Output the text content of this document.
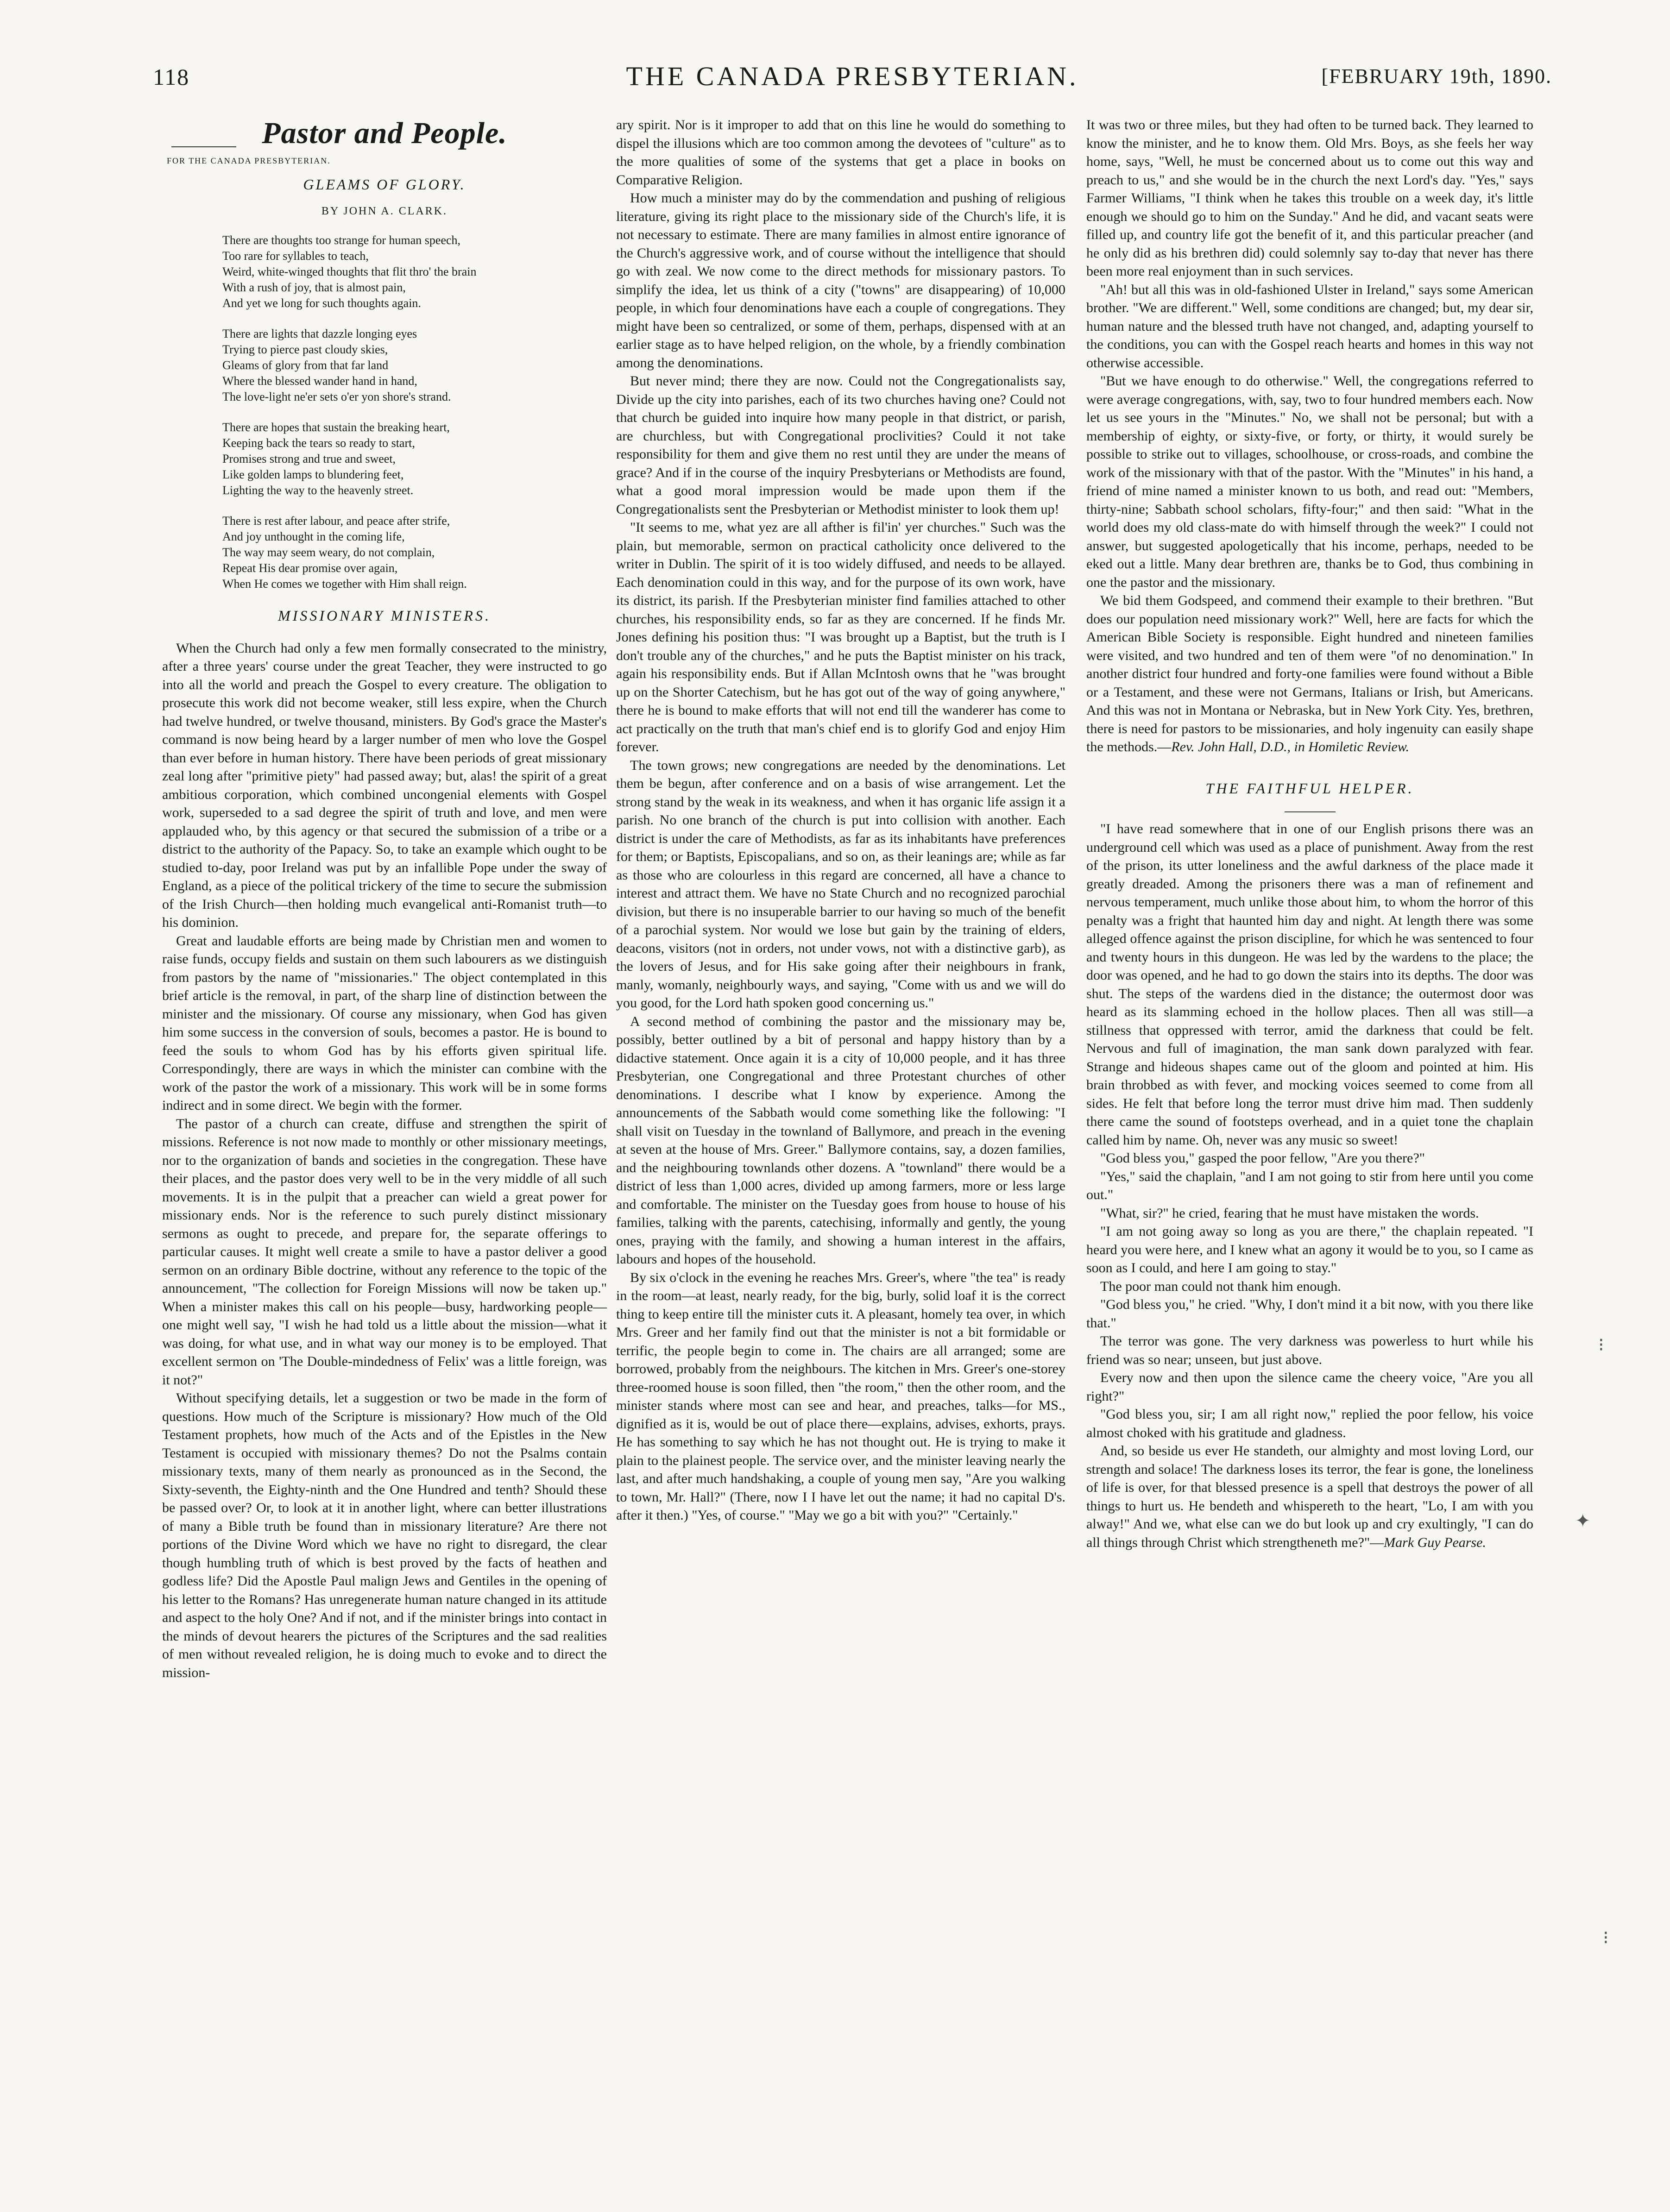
118	THE CANADA PRESBYTERIAN.	[FEBRUARY 19th, 1890.
Pastor and People.
FOR THE CANADA PRESBYTERIAN.
GLEAMS OF GLORY.
BY JOHN A. CLARK.
There are thoughts too strange for human speech,
Too rare for syllables to teach,
Weird, white-winged thoughts that flit thro' the brain
With a rush of joy, that is almost pain,
And yet we long for such thoughts again.
There are lights that dazzle longing eyes
Trying to pierce past cloudy skies,
Gleams of glory from that far land
Where the blessed wander hand in hand,
The love-light ne'er sets o'er yon shore's strand.
There are hopes that sustain the breaking heart,
Keeping back the tears so ready to start,
Promises strong and true and sweet,
Like golden lamps to blundering feet,
Lighting the way to the heavenly street.
There is rest after labour, and peace after strife,
And joy unthought in the coming life,
The way may seem weary, do not complain,
Repeat His dear promise over again,
When He comes we together with Him shall reign.
MISSIONARY MINISTERS.

When the Church had only a few men formally consecrated to the ministry, after a three years' course under the great Teacher, they were instructed to go into all the world and preach the Gospel to every creature. The obligation to prosecute this work did not become weaker, still less expire, when the Church had twelve hundred, or twelve thousand, ministers. By God's grace the Master's command is now being heard by a larger number of men who love the Gospel than ever before in human history. There have been periods of great missionary zeal long after "primitive piety" had passed away; but, alas! the spirit of a great ambitious corporation, which combined uncongenial elements with Gospel work, superseded to a sad degree the spirit of truth and love, and men were applauded who, by this agency or that secured the submission of a tribe or a district to the authority of the Papacy. So, to take an example which ought to be studied to-day, poor Ireland was put by an infallible Pope under the sway of England, as a piece of the political trickery of the time to secure the submission of the Irish Church—then holding much evangelical anti-Romanist truth—to his dominion.

Great and laudable efforts are being made by Christian men and women to raise funds, occupy fields and sustain on them such labourers as we distinguish from pastors by the name of "missionaries." The object contemplated in this brief article is the removal, in part, of the sharp line of distinction between the minister and the missionary. Of course any missionary, when God has given him some success in the conversion of souls, becomes a pastor. He is bound to feed the souls to whom God has by his efforts given spiritual life. Correspondingly, there are ways in which the minister can combine with the work of the pastor the work of a missionary. This work will be in some forms indirect and in some direct. We begin with the former.

The pastor of a church can create, diffuse and strengthen the spirit of missions. Reference is not now made to monthly or other missionary meetings, nor to the organization of bands and societies in the congregation. These have their places, and the pastor does very well to be in the very middle of all such movements. It is in the pulpit that a preacher can wield a great power for missionary ends. Nor is the reference to such purely distinct missionary sermons as ought to precede, and prepare for, the separate offerings to particular causes. It might well create a smile to have a pastor deliver a good sermon on an ordinary Bible doctrine, without any reference to the topic of the announcement, "The collection for Foreign Missions will now be taken up." When a minister makes this call on his people—busy, hardworking people—one might well say, "I wish he had told us a little about the mission—what it was doing, for what use, and in what way our money is to be employed. That excellent sermon on 'The Double-mindedness of Felix' was a little foreign, was it not?"

Without specifying details, let a suggestion or two be made in the form of questions. How much of the Scripture is missionary? How much of the Old Testament prophets, how much of the Acts and of the Epistles in the New Testament is occupied with missionary themes? Do not the Psalms contain missionary texts, many of them nearly as pronounced as in the Second, the Sixty-seventh, the Eighty-ninth and the One Hundred and tenth? Should these be passed over? Or, to look at it in another light, where can better illustrations of many a Bible truth be found than in missionary literature? Are there not portions of the Divine Word which we have no right to disregard, the clear though humbling truth of which is best proved by the facts of heathen and godless life? Did the Apostle Paul malign Jews and Gentiles in the opening of his letter to the Romans? Has unregenerate human nature changed in its attitude and aspect to the holy One? And if not, and if the minister brings into contact in the minds of devout hearers the pictures of the Scriptures and the sad realities of men without revealed religion, he is doing much to evoke and to direct the mission-

ary spirit. Nor is it improper to add that on this line he would do something to dispel the illusions which are too common among the devotees of "culture" as to the more qualities of some of the systems that get a place in books on Comparative Religion.

How much a minister may do by the commendation and pushing of religious literature, giving its right place to the missionary side of the Church's life, it is not necessary to estimate. There are many families in almost entire ignorance of the Church's aggressive work, and of course without the intelligence that should go with zeal. We now come to the direct methods for missionary pastors. To simplify the idea, let us think of a city ("towns" are disappearing) of 10,000 people, in which four denominations have each a couple of congregations. They might have been so centralized, or some of them, perhaps, dispensed with at an earlier stage as to have helped religion, on the whole, by a friendly combination among the denominations.

But never mind; there they are now. Could not the Congregationalists say, Divide up the city into parishes, each of its two churches having one? Could not that church be guided into inquire how many people in that district, or parish, are churchless, but with Congregational proclivities? Could it not take responsibility for them and give them no rest until they are under the means of grace? And if in the course of the inquiry Presbyterians or Methodists are found, what a good moral impression would be made upon them if the Congregationalists sent the Presbyterian or Methodist minister to look them up!

"It seems to me, what yez are all afther is fil'in' yer churches." Such was the plain, but memorable, sermon on practical catholicity once delivered to the writer in Dublin. The spirit of it is too widely diffused, and needs to be allayed. Each denomination could in this way, and for the purpose of its own work, have its district, its parish. If the Presbyterian minister find families attached to other churches, his responsibility ends, so far as they are concerned. If he finds Mr. Jones defining his position thus: "I was brought up a Baptist, but the truth is I don't trouble any of the churches," and he puts the Baptist minister on his track, again his responsibility ends. But if Allan McIntosh owns that he "was brought up on the Shorter Catechism, but he has got out of the way of going anywhere," there he is bound to make efforts that will not end till the wanderer has come to act practically on the truth that man's chief end is to glorify God and enjoy Him forever.

The town grows; new congregations are needed by the denominations. Let them be begun, after conference and on a basis of wise arrangement. Let the strong stand by the weak in its weakness, and when it has organic life assign it a parish. No one branch of the church is put into collision with another. Each district is under the care of Methodists, as far as its inhabitants have preferences for them; or Baptists, Episcopalians, and so on, as their leanings are; while as far as those who are colourless in this regard are concerned, all have a chance to interest and attract them. We have no State Church and no recognized parochial division, but there is no insuperable barrier to our having so much of the benefit of a parochial system. Nor would we lose but gain by the training of elders, deacons, visitors (not in orders, not under vows, not with a distinctive garb), as the lovers of Jesus, and for His sake going after their neighbours in frank, manly, womanly, neighbourly ways, and saying, "Come with us and we will do you good, for the Lord hath spoken good concerning us."

A second method of combining the pastor and the missionary may be, possibly, better outlined by a bit of personal and happy history than by a didactive statement. Once again it is a city of 10,000 people, and it has three Presbyterian, one Congregational and three Protestant churches of other denominations. I describe what I know by experience. Among the announcements of the Sabbath would come something like the following: "I shall visit on Tuesday in the townland of Ballymore, and preach in the evening at seven at the house of Mrs. Greer." Ballymore contains, say, a dozen families, and the neighbouring townlands other dozens. A "townland" there would be a district of less than 1,000 acres, divided up among farmers, more or less large and comfortable. The minister on the Tuesday goes from house to house of his families, talking with the parents, catechising, informally and gently, the young ones, praying with the family, and showing a human interest in the affairs, labours and hopes of the household.

By six o'clock in the evening he reaches Mrs. Greer's, where "the tea" is ready in the room—at least, nearly ready, for the big, burly, solid loaf it is the correct thing to keep entire till the minister cuts it. A pleasant, homely tea over, in which Mrs. Greer and her family find out that the minister is not a bit formidable or terrific, the people begin to come in. The chairs are all arranged; some are borrowed, probably from the neighbours. The kitchen in Mrs. Greer's one-storey three-roomed house is soon filled, then "the room," then the other room, and the minister stands where most can see and hear, and preaches, talks—for MS., dignified as it is, would be out of place there—explains, advises, exhorts, prays. He has something to say which he has not thought out. He is trying to make it plain to the plainest people. The service over, and the minister leaving nearly the last, and after much handshaking, a couple of young men say, "Are you walking to town, Mr. Hall?" (There, now I I have let out the name; it had no capital D's. after it then.) "Yes, of course." "May we go a bit with you?" "Certainly."

It was two or three miles, but they had often to be turned back. They learned to know the minister, and he to know them. Old Mrs. Boys, as she feels her way home, says, "Well, he must be concerned about us to come out this way and preach to us," and she would be in the church the next Lord's day. "Yes," says Farmer Williams, "I think when he takes this trouble on a week day, it's little enough we should go to him on the Sunday." And he did, and vacant seats were filled up, and country life got the benefit of it, and this particular preacher (and he only did as his brethren did) could solemnly say to-day that never has there been more real enjoyment than in such services.

"Ah! but all this was in old-fashioned Ulster in Ireland," says some American brother. "We are different." Well, some conditions are changed; but, my dear sir, human nature and the blessed truth have not changed, and, adapting yourself to the conditions, you can with the Gospel reach hearts and homes in this way not otherwise accessible.

"But we have enough to do otherwise." Well, the congregations referred to were average congregations, with, say, two to four hundred members each. Now let us see yours in the "Minutes." No, we shall not be personal; but with a membership of eighty, or sixty-five, or forty, or thirty, it would surely be possible to strike out to villages, schoolhouse, or cross-roads, and combine the work of the missionary with that of the pastor. With the "Minutes" in his hand, a friend of mine named a minister known to us both, and read out: "Members, thirty-nine; Sabbath school scholars, fifty-four;" and then said: "What in the world does my old class-mate do with himself through the week?" I could not answer, but suggested apologetically that his income, perhaps, needed to be eked out a little. Many dear brethren are, thanks be to God, thus combining in one the pastor and the missionary.

We bid them Godspeed, and commend their example to their brethren. "But does our population need missionary work?" Well, here are facts for which the American Bible Society is responsible. Eight hundred and nineteen families were visited, and two hundred and ten of them were "of no denomination." In another district four hundred and forty-one families were found without a Bible or a Testament, and these were not Germans, Italians or Irish, but Americans. And this was not in Montana or Nebraska, but in New York City. Yes, brethren, there is need for pastors to be missionaries, and holy ingenuity can easily shape the methods.—Rev. John Hall, D.D., in Homiletic Review.

THE FAITHFUL HELPER.

"I have read somewhere that in one of our English prisons there was an underground cell which was used as a place of punishment. Away from the rest of the prison, its utter loneliness and the awful darkness of the place made it greatly dreaded. Among the prisoners there was a man of refinement and nervous temperament, much unlike those about him, to whom the horror of this penalty was a fright that haunted him day and night. At length there was some alleged offence against the prison discipline, for which he was sentenced to four and twenty hours in this dungeon. He was led by the wardens to the place; the door was opened, and he had to go down the stairs into its depths. The door was shut. The steps of the wardens died in the distance; the outermost door was heard as its slamming echoed in the hollow places. Then all was still—a stillness that oppressed with terror, amid the darkness that could be felt. Nervous and full of imagination, the man sank down paralyzed with fear. Strange and hideous shapes came out of the gloom and pointed at him. His brain throbbed as with fever, and mocking voices seemed to come from all sides. He felt that before long the terror must drive him mad. Then suddenly there came the sound of footsteps overhead, and in a quiet tone the chaplain called him by name. Oh, never was any music so sweet!

"God bless you," gasped the poor fellow, "Are you there?"

"Yes," said the chaplain, "and I am not going to stir from here until you come out."

"What, sir?" he cried, fearing that he must have mistaken the words.

"I am not going away so long as you are there," the chaplain repeated. "I heard you were here, and I knew what an agony it would be to you, so I came as soon as I could, and here I am going to stay."

The poor man could not thank him enough.

"God bless you," he cried. "Why, I don't mind it a bit now, with you there like that."

The terror was gone. The very darkness was powerless to hurt while his friend was so near; unseen, but just above.

Every now and then upon the silence came the cheery voice, "Are you all right?"

"God bless you, sir; I am all right now," replied the poor fellow, his voice almost choked with his gratitude and gladness.

And, so beside us ever He standeth, our almighty and most loving Lord, our strength and solace! The darkness loses its terror, the fear is gone, the loneliness of life is over, for that blessed presence is a spell that destroys the power of all things to hurt us. He bendeth and whispereth to the heart, "Lo, I am with you alway!" And we, what else can we do but look up and cry exultingly, "I can do all things through Christ which strengtheneth me?"—Mark Guy Pearse.

⁝
✦
⁝
